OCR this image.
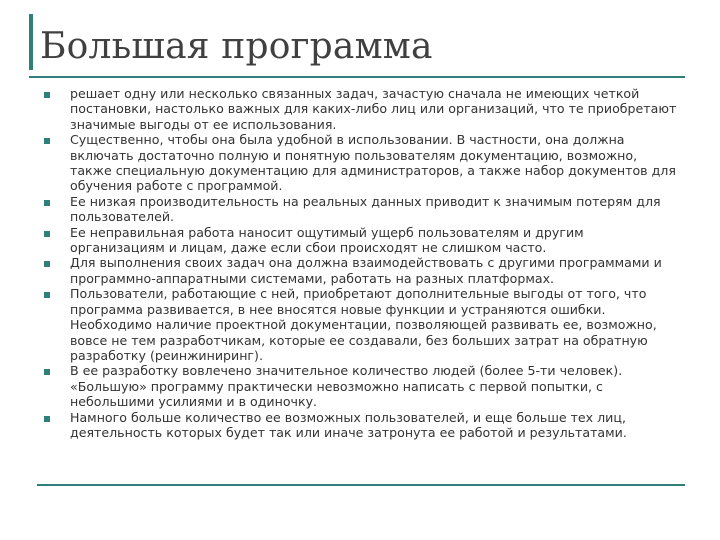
Большая программа
решает одну или несколько связанных задач, зачастую сначала не имеющих четкой постановки, настолько важных для каких-либо лиц или организаций, что те приобретают значимые выгоды от ее использования.
Существенно, чтобы она была удобной в использовании. В частности, она должна включать достаточно полную и понятную пользователям документацию, возможно, также специальную документацию для администраторов, а также набор документов для обучения работе с программой.
Ее низкая производительность на реальных данных приводит к значимым потерям для пользователей.
Ее неправильная работа наносит ощутимый ущерб пользователям и другим организациям и лицам, даже если сбои происходят не слишком часто.
Для выполнения своих задач она должна взаимодействовать с другими программами и программно-аппаратными системами, работать на разных платформах.
Пользователи, работающие с ней, приобретают дополнительные выгоды от того, что программа развивается, в нее вносятся новые функции и устраняются ошибки. Необходимо наличие проектной документации, позволяющей развивать ее, возможно, вовсе не тем разработчикам, которые ее создавали, без больших затрат на обратную разработку (реинжиниринг).
В ее разработку вовлечено значительное количество людей (более 5-ти человек). «Большую» программу практически невозможно написать с первой попытки, с небольшими усилиями и в одиночку.
Намного больше количество ее возможных пользователей, и еще больше тех лиц, деятельность которых будет так или иначе затронута ее работой и результатами.
